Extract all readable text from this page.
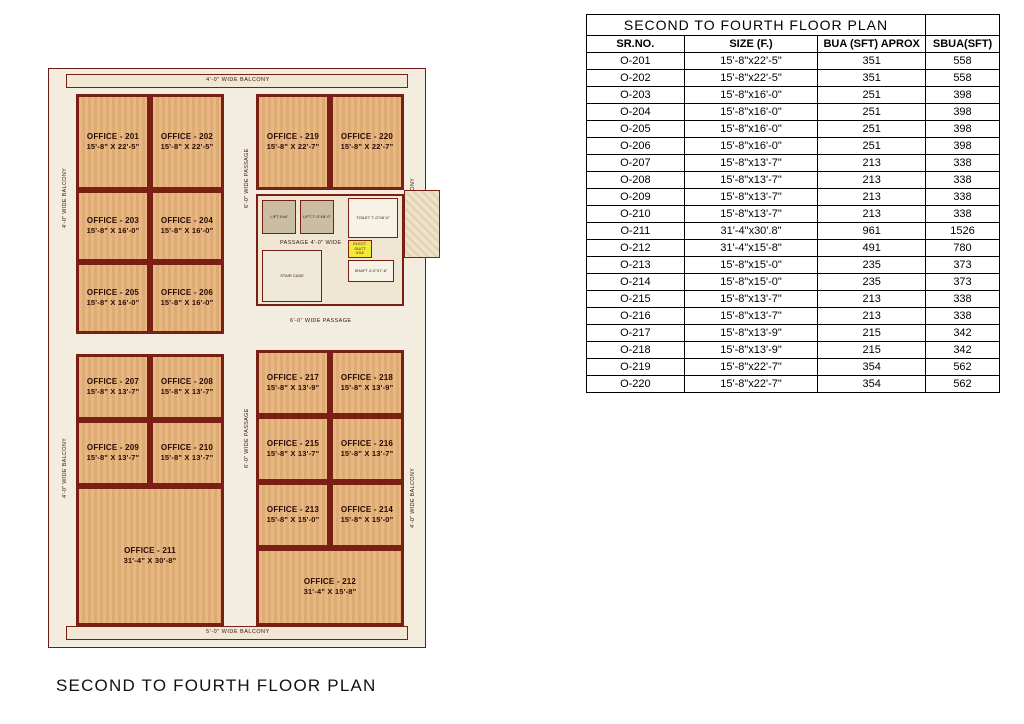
4'-0" WIDE BALCONY
5'-0" WIDE BALCONY
4'-0" WIDE BALCONY
4'-0" WIDE BALCONY	4'-0" WIDE BALCONY
6'-0" WIDE PASSAGE
6'-0" WIDE PASSAGE
OFFICE - 201
15'-8" X 22'-5"
OFFICE - 202
15'-8" X 22'-5"
OFFICE - 203
15'-8" X 16'-0"
OFFICE - 204
15'-8" X 16'-0"
OFFICE - 205
15'-8" X 16'-0"
OFFICE - 206
15'-8" X 16'-0"
OFFICE - 207
15'-8" X 13'-7"
OFFICE - 208
15'-8" X 13'-7"
OFFICE - 209
15'-8" X 13'-7"
OFFICE - 210
15'-8" X 13'-7"
OFFICE - 211
31'-4" X 30'-8"
OFFICE - 219
15'-8" X 22'-7"
OFFICE - 220
15'-8" X 22'-7"
LIFT 6'x8'	LIFT 7'-0"X8'-0"	TOILET 7'-0"X8'-0"
ELECT. DUCT 4'X4'
STAIR CASE
SHAFT 4'-0"X7'-6"
PASSAGE 4'-0" WIDE
6'-0" WIDE PASSAGE
OFFICE - 217
15'-8" X 13'-9"
OFFICE - 218
15'-8" X 13'-9"
OFFICE - 215
15'-8" X 13'-7"
OFFICE - 216
15'-8" X 13'-7"
OFFICE - 213
15'-8" X 15'-0"
OFFICE - 214
15'-8" X 15'-0"
OFFICE - 212
31'-4" X 15'-8"
SECOND TO FOURTH FLOOR PLAN
SECOND TO FOURTH FLOOR PLAN			
SR.NO.	SIZE (F.)	BUA (SFT) APROX	SBUA(SFT)
O-201	15'-8"x22'-5"	351	558
O-202	15'-8"x22'-5"	351	558
O-203	15'-8"x16'-0"	251	398
O-204	15'-8"x16'-0"	251	398
O-205	15'-8"x16'-0"	251	398
O-206	15'-8"x16'-0"	251	398
O-207	15'-8"x13'-7"	213	338
O-208	15'-8"x13'-7"	213	338
O-209	15'-8"x13'-7"	213	338
O-210	15'-8"x13'-7"	213	338
O-211	31'-4"x30'.8"	961	1526
O-212	31'-4"x15'-8"	491	780
O-213	15'-8"x15'-0"	235	373
O-214	15'-8"x15'-0"	235	373
O-215	15'-8"x13'-7"	213	338
O-216	15'-8"x13'-7"	213	338
O-217	15'-8"x13'-9"	215	342
O-218	15'-8"x13'-9"	215	342
O-219	15'-8"x22'-7"	354	562
O-220	15'-8"x22'-7"	354	562
